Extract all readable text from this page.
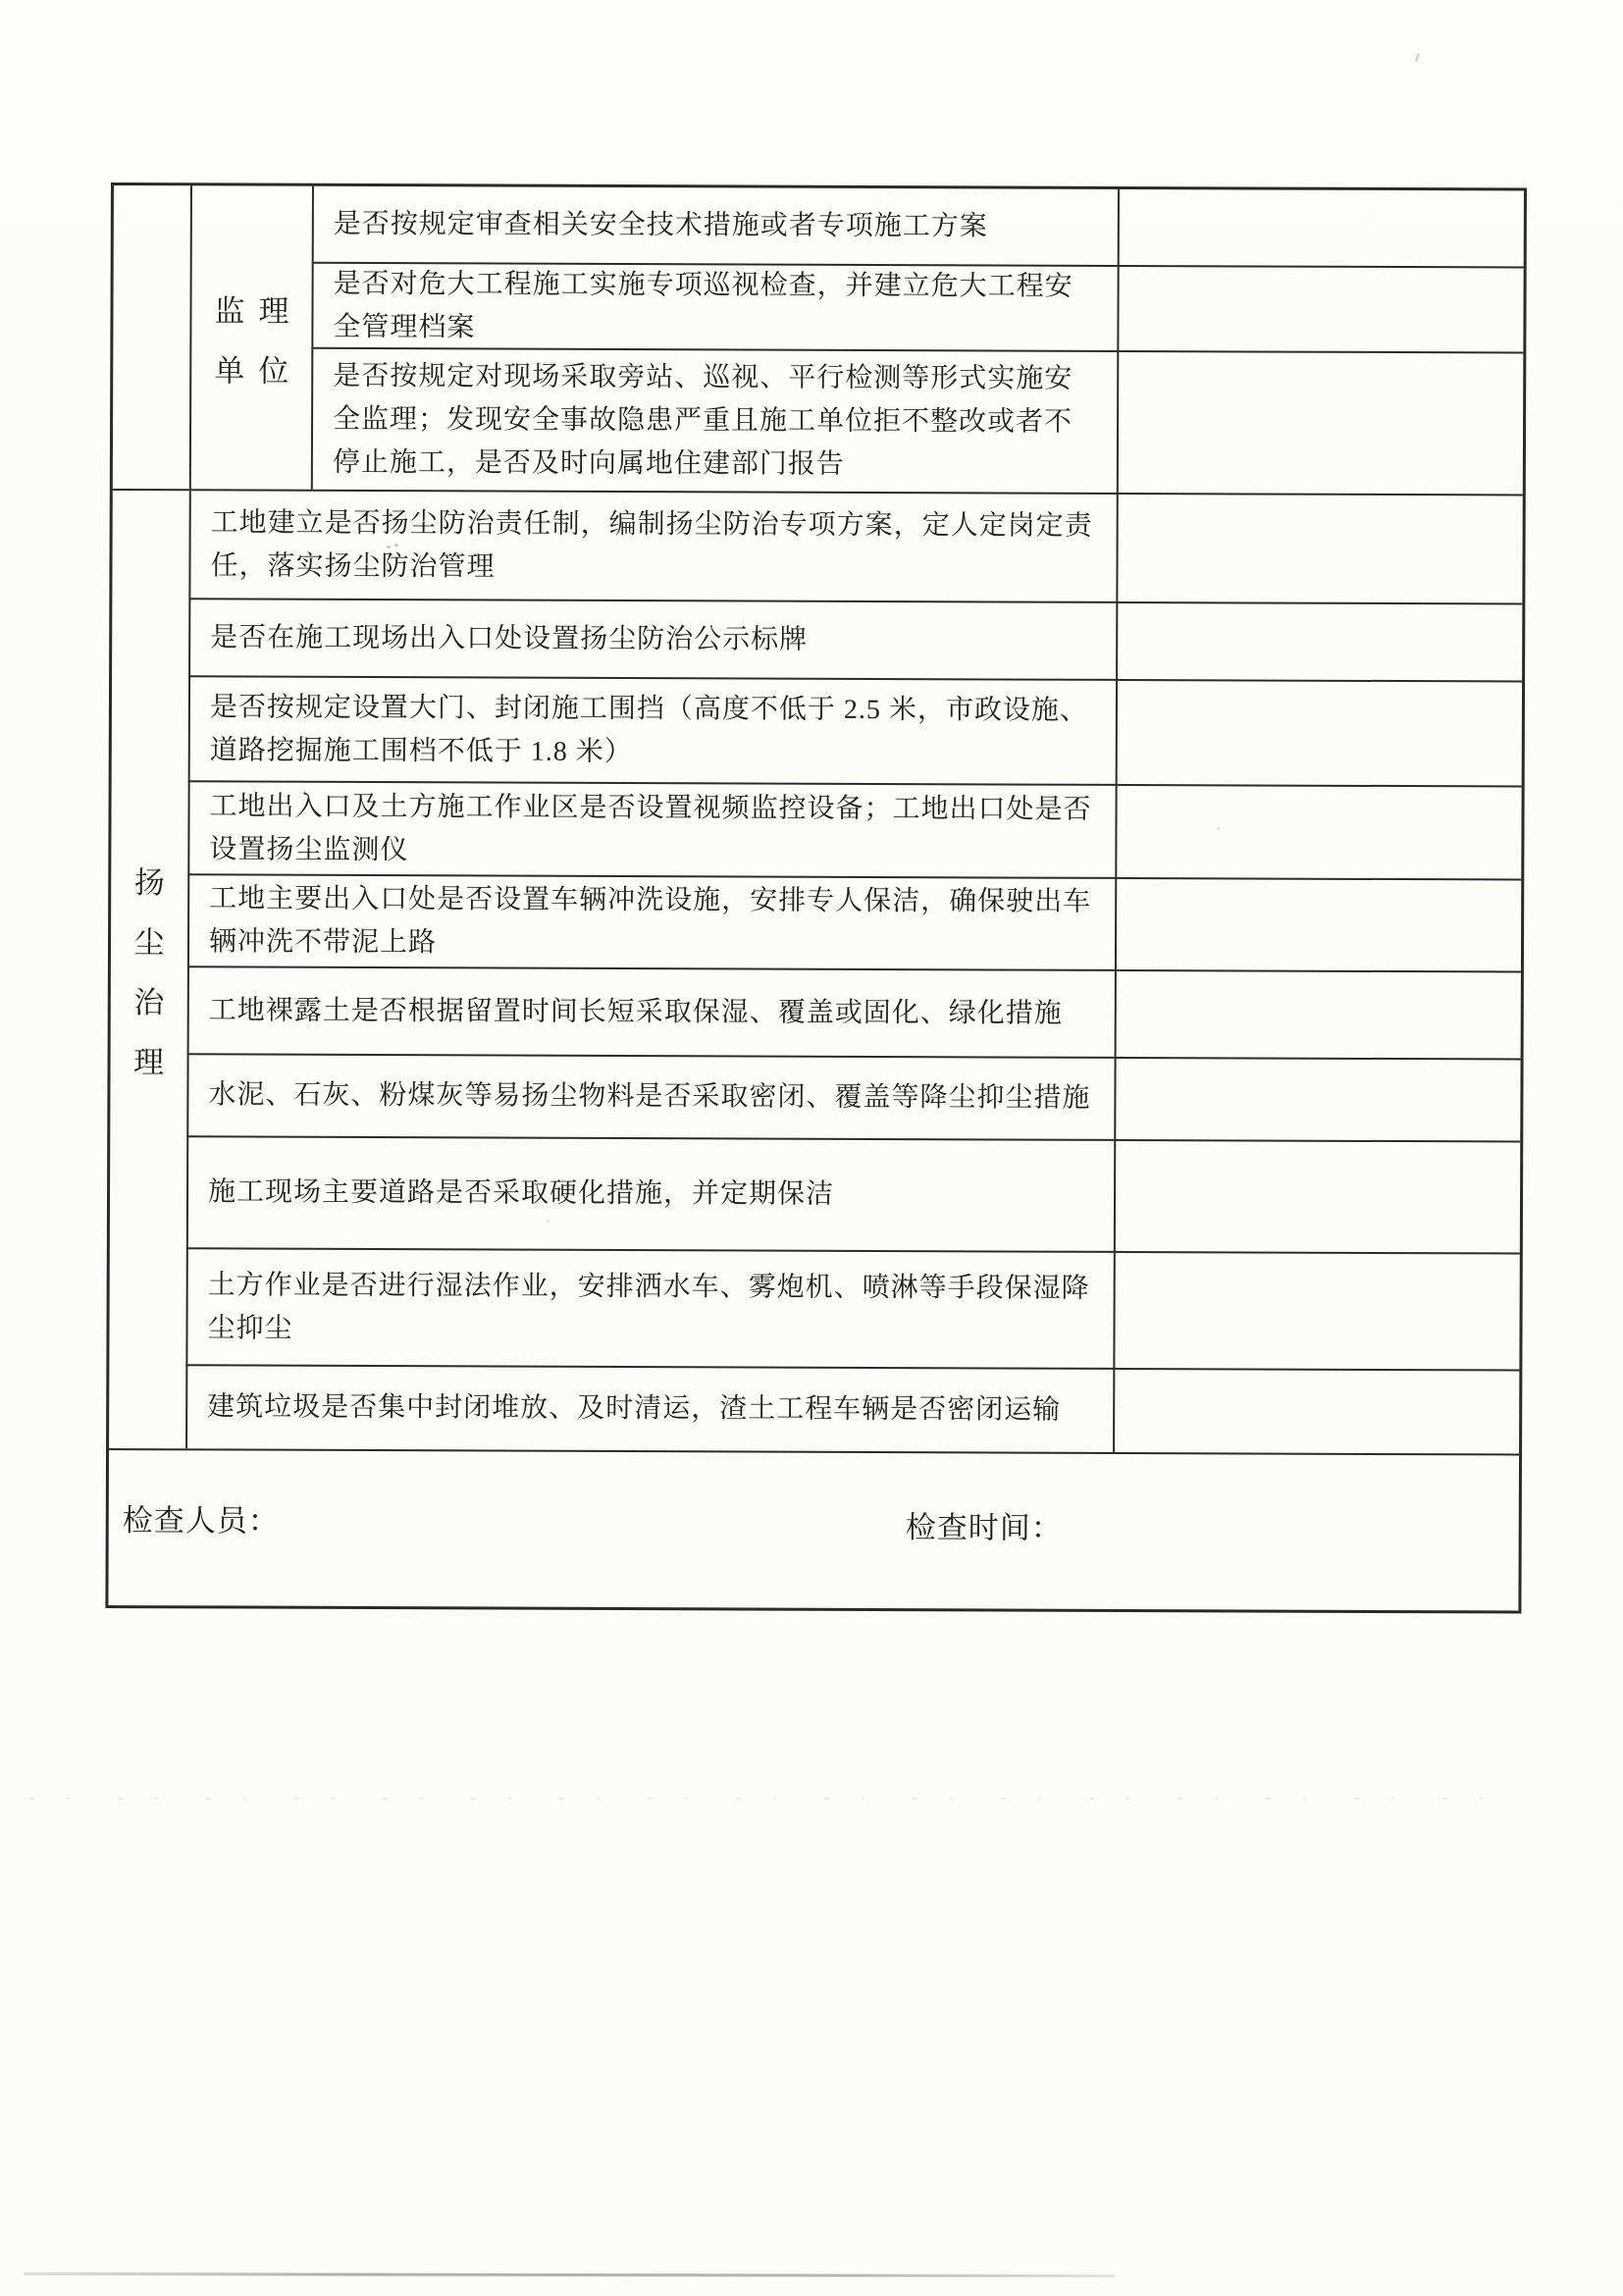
监理
单位
是否按规定审查相关安全技术措施或者专项施工方案
是否对危大工程施工实施专项巡视检查，并建立危大工程安全管理档案
是否按规定对现场采取旁站、巡视、平行检测等形式实施安全监理；发现安全事故隐患严重且施工单位拒不整改或者不停止施工，是否及时向属地住建部门报告
扬
尘
治
理
工地建立是否扬尘防治责任制，编制扬尘防治专项方案，定人定岗定责任，落实扬尘防治管理
是否在施工现场出入口处设置扬尘防治公示标牌
是否按规定设置大门、封闭施工围挡（高度不低于 2.5 米，市政设施、道路挖掘施工围档不低于 1.8 米）
工地出入口及土方施工作业区是否设置视频监控设备；工地出口处是否设置扬尘监测仪
工地主要出入口处是否设置车辆冲洗设施，安排专人保洁，确保驶出车辆冲洗不带泥上路
工地裸露土是否根据留置时间长短采取保湿、覆盖或固化、绿化措施
水泥、石灰、粉煤灰等易扬尘物料是否采取密闭、覆盖等降尘抑尘措施
施工现场主要道路是否采取硬化措施，并定期保洁
土方作业是否进行湿法作业，安排洒水车、雾炮机、喷淋等手段保湿降尘抑尘
建筑垃圾是否集中封闭堆放、及时清运，渣土工程车辆是否密闭运输
检查人员：	检查时间：
